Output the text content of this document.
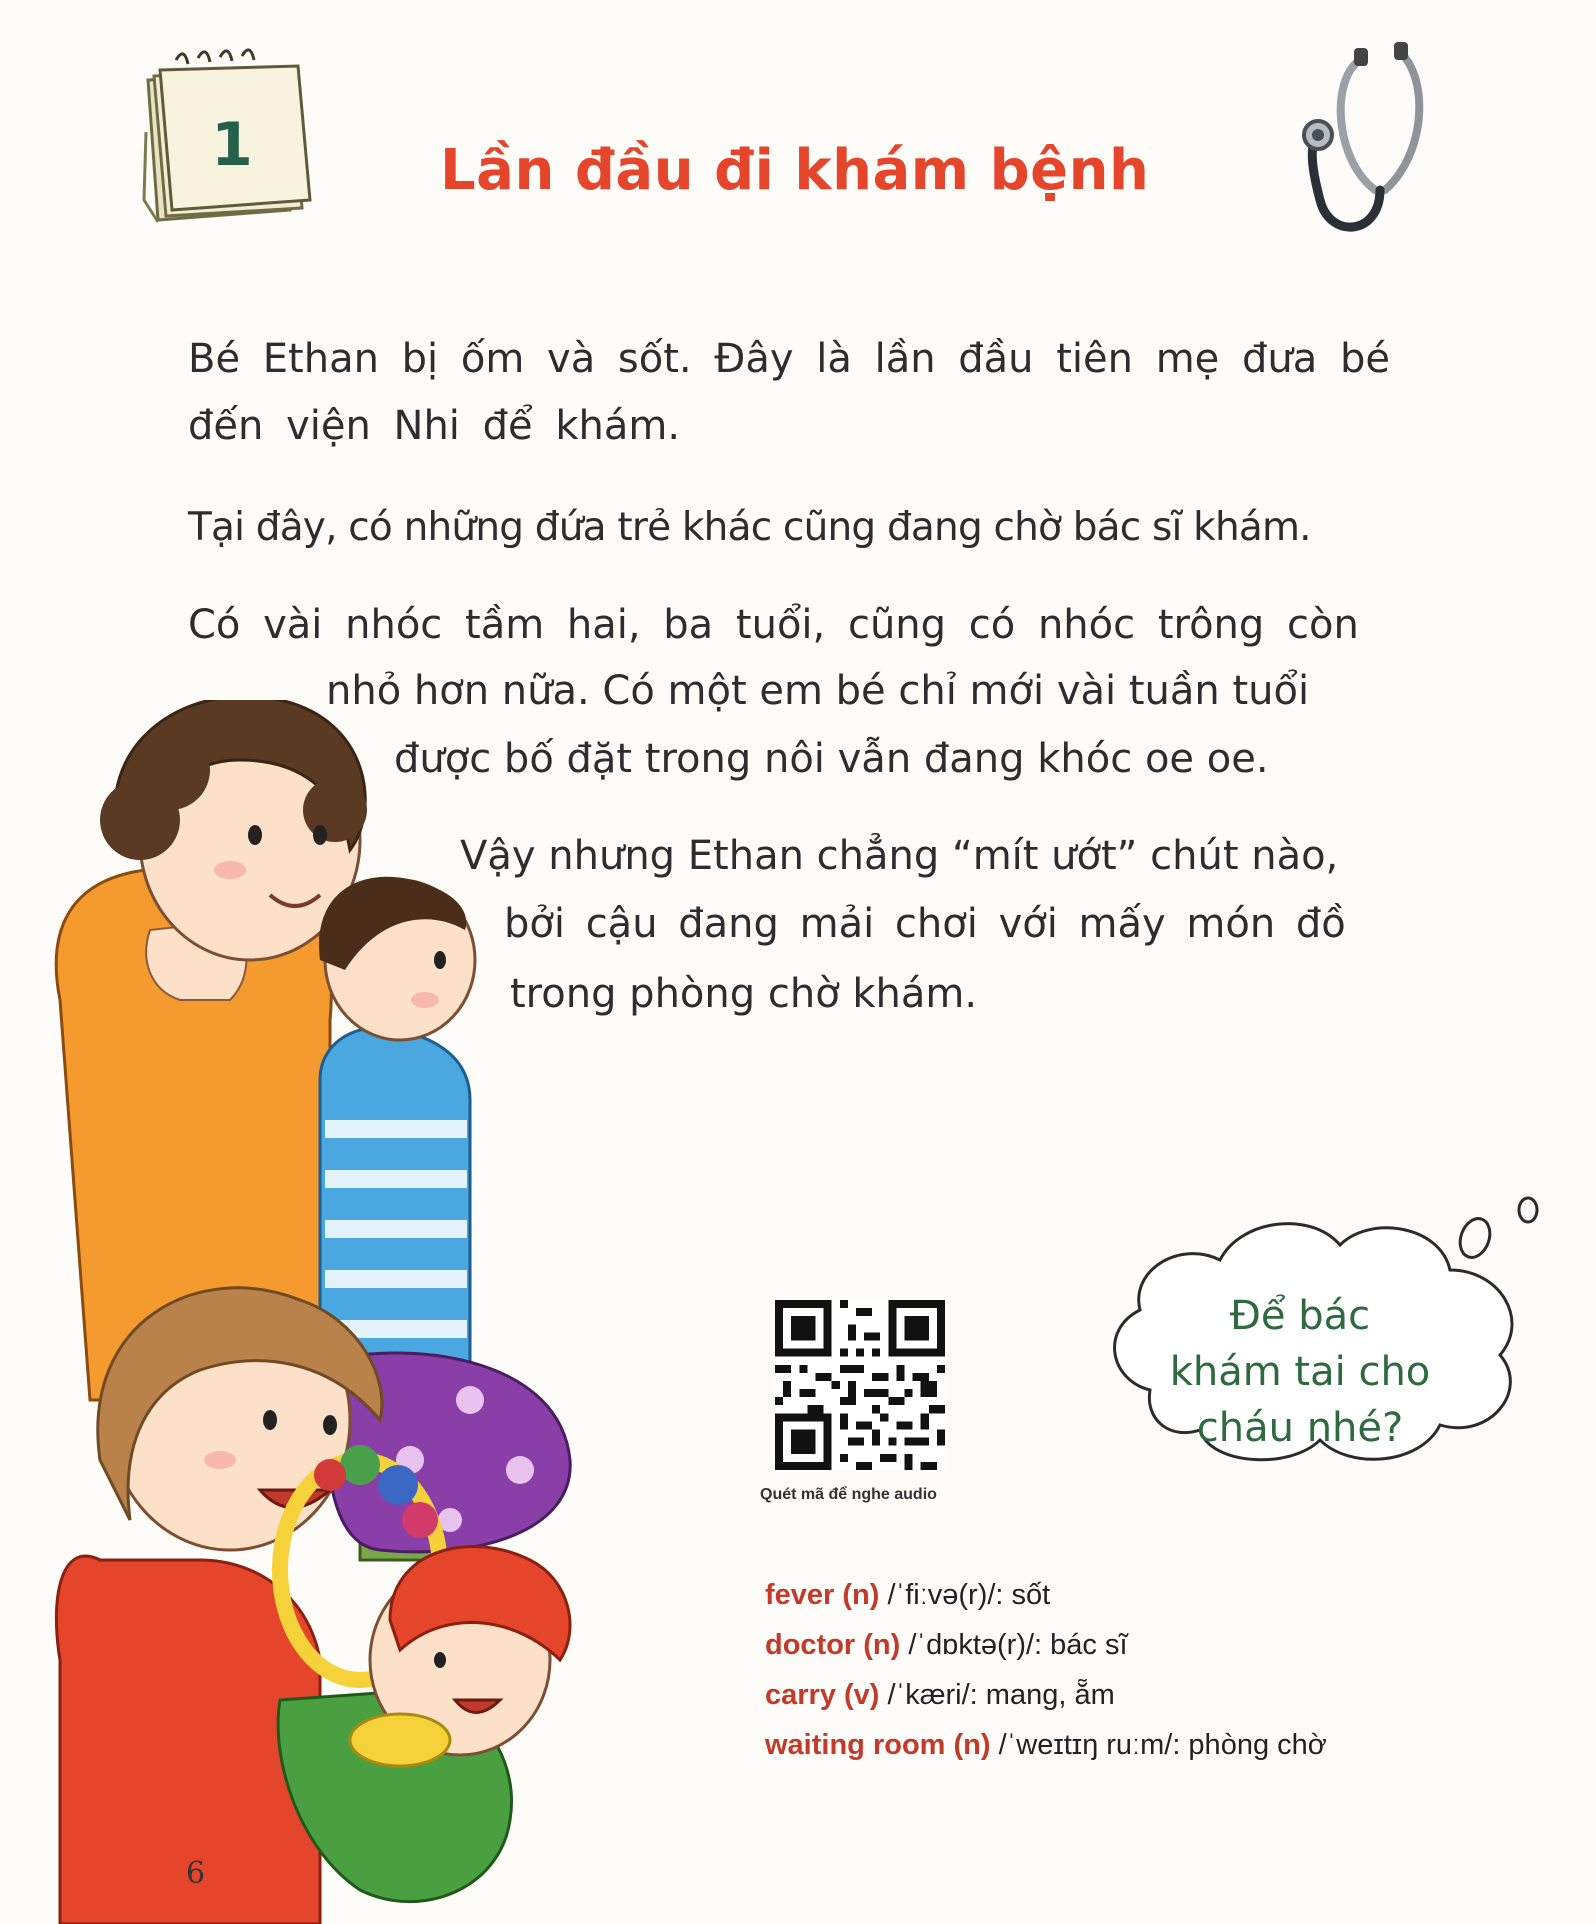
1	Lần đầu đi khám bệnh

Bé Ethan bị ốm và sốt. Đây là lần đầu tiên mẹ đưa bé đến viện Nhi để khám.

Tại đây, có những đứa trẻ khác cũng đang chờ bác sĩ khám.

Có vài nhóc tầm hai, ba tuổi, cũng có nhóc trông còn

nhỏ hơn nữa. Có một em bé chỉ mới vài tuần tuổi

được bố đặt trong nôi vẫn đang khóc oe oe.

Vậy nhưng Ethan chẳng “mít ướt” chút nào,

bởi cậu đang mải chơi với mấy món đồ

trong phòng chờ khám.

Quét mã để nghe audio
Để bác
khám tai cho
cháu nhé?
fever (n) /ˈfiːvə(r)/: sốt
doctor (n) /ˈdɒktə(r)/: bác sĩ
carry (v) /ˈkæri/: mang, ẵm
waiting room (n) /ˈweɪtɪŋ ruːm/: phòng chờ
6
